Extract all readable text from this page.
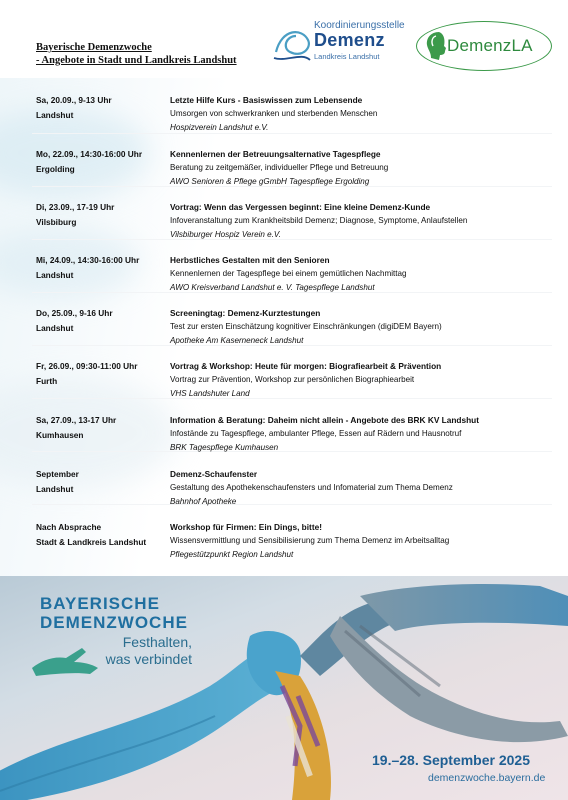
Bayerische Demenzwoche
- Angebote in Stadt und Landkreis Landshut
Koordinierungsstelle
Demenz
Landkreis Landshut
DemenzLA
Sa, 20.09., 9-13 Uhr
Landshut
Letzte Hilfe Kurs - Basiswissen zum Lebensende
Umsorgen von schwerkranken und sterbenden Menschen
Hospizverein Landshut e.V.
Mo, 22.09., 14:30-16:00 Uhr
Ergolding
Kennenlernen der Betreuungsalternative Tagespflege
Beratung zu zeitgemäßer, individueller Pflege und Betreuung
AWO Senioren & Pflege gGmbH Tagespflege Ergolding
Di, 23.09., 17-19 Uhr
Vilsbiburg
Vortrag: Wenn das Vergessen beginnt: Eine kleine Demenz-Kunde
Infoveranstaltung zum Krankheitsbild Demenz; Diagnose, Symptome, Anlaufstellen
Vilsbiburger Hospiz Verein e.V.
Mi, 24.09., 14:30-16:00 Uhr
Landshut
Herbstliches Gestalten mit den Senioren
Kennenlernen der Tagespflege bei einem gemütlichen Nachmittag
AWO Kreisverband Landshut e. V. Tagespflege Landshut
Do, 25.09., 9-16 Uhr
Landshut
Screeningtag: Demenz-Kurztestungen
Test zur ersten Einschätzung kognitiver Einschränkungen (digiDEM Bayern)
Apotheke Am Kaserneneck Landshut
Fr, 26.09., 09:30-11:00 Uhr
Furth
Vortrag & Workshop: Heute für morgen: Biografiearbeit & Prävention
Vortrag zur Prävention, Workshop zur persönlichen Biographiearbeit
VHS Landshuter Land
Sa, 27.09., 13-17 Uhr
Kumhausen
Information & Beratung: Daheim nicht allein - Angebote des BRK KV Landshut
Infostände zu Tagespflege, ambulanter Pflege, Essen auf Rädern und Hausnotruf
BRK Tagespflege Kumhausen
September
Landshut
Demenz-Schaufenster
Gestaltung des Apothekenschaufensters und Infomaterial zum Thema Demenz
Bahnhof Apotheke
Nach Absprache
Stadt & Landkreis Landshut
Workshop für Firmen: Ein Dings, bitte!
Wissensvermittlung und Sensibilisierung zum Thema Demenz im Arbeitsalltag
Pflegestützpunkt Region Landshut
BAYERISCHE
DEMENZWOCHE
Festhalten,
was verbindet
19.–28. September 2025
demenzwoche.bayern.de
